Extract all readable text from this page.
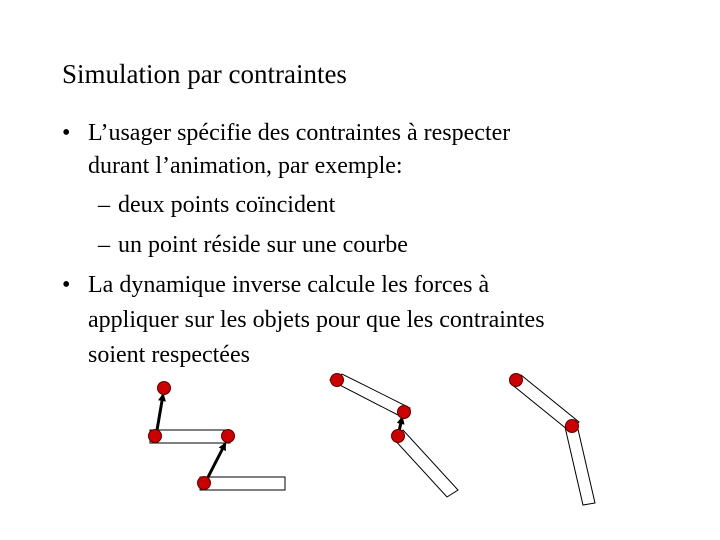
Simulation par contraintes
• L’usager spécifie des contraintes à respecter
durant l’animation, par exemple:
– deux points coïncident
– un point réside sur une courbe
• La dynamique inverse calcule les forces à
appliquer sur les objets pour que les contraintes
soient respectées
